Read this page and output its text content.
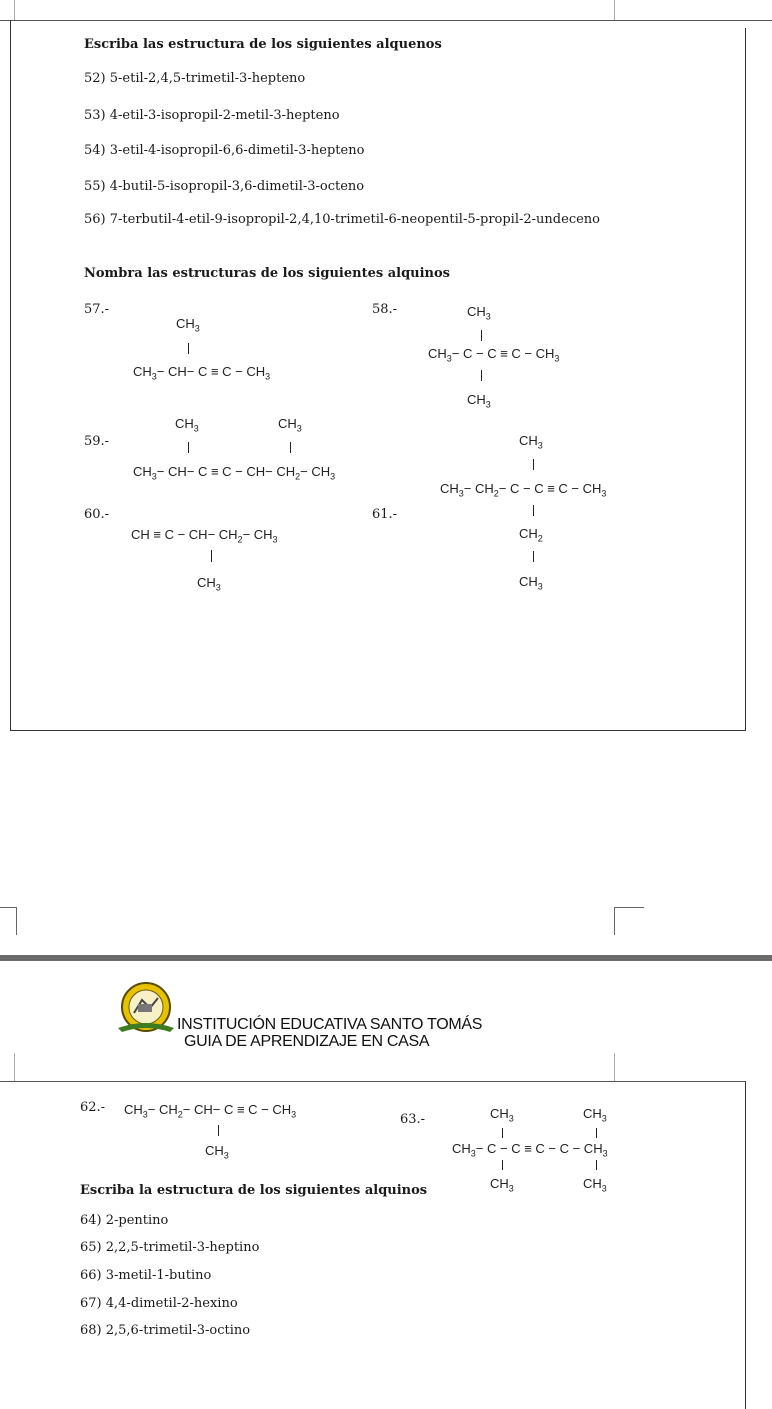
Escriba las estructura de los siguientes alquenos
52) 5-etil-2,4,5-trimetil-3-hepteno
53) 4-etil-3-isopropil-2-metil-3-hepteno
54) 3-etil-4-isopropil-6,6-dimetil-3-hepteno
55) 4-butil-5-isopropil-3,6-dimetil-3-octeno
56) 7-terbutil-4-etil-9-isopropil-2,4,10-trimetil-6-neopentil-5-propil-2-undeceno
Nombra las estructuras de los siguientes alquinos
57.-	58.-
59.-
60.-	61.-
$CH_3$
$CH_3- CH- C \equiv C - CH_3$
$CH_3$
$CH_3- C - C \equiv C - CH_3$
$CH_3$
$CH_3$	$CH_3$
$CH_3- CH- C \equiv C - CH- CH_2- CH_3$
CH ≡ $C - CH- CH_2- CH_3$
$CH_3$
$CH_3$
$CH_3- CH_2- C - C \equiv C - CH_3$
$CH_2$
$CH_3$
INSTITUCIÓN EDUCATIVA SANTO TOMÁS
GUIA DE APRENDIZAJE EN CASA
62.- $CH_3- CH_2- CH- C \equiv C - CH_3$
$CH_3$
63.-	$CH_3$	$CH_3$
$CH_3- C - C \equiv C - C - CH_3$
$CH_3$	$CH_3$
Escriba la estructura de los siguientes alquinos
64) 2-pentino
65) 2,2,5-trimetil-3-heptino
66) 3-metil-1-butino
67) 4,4-dimetil-2-hexino
68) 2,5,6-trimetil-3-octino
